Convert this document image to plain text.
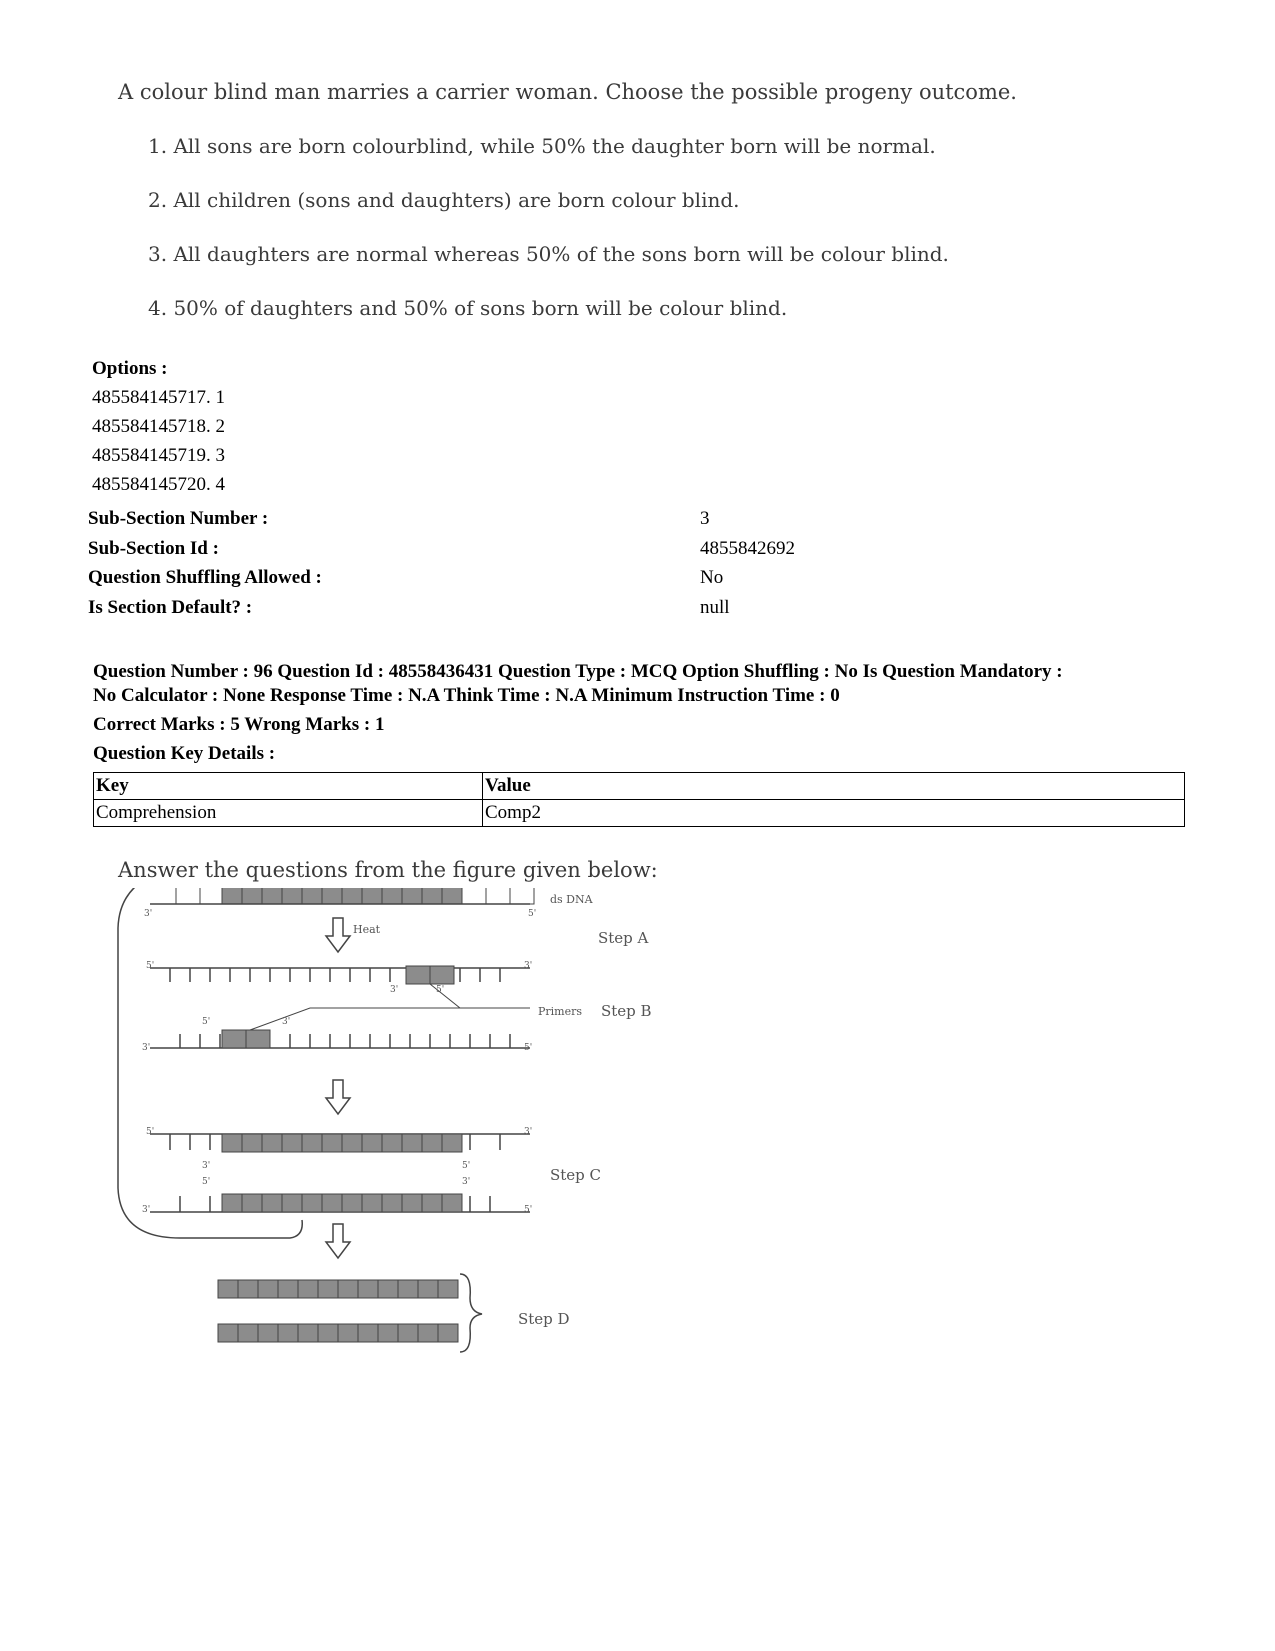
A colour blind man marries a carrier woman. Choose the possible progeny outcome.
1. All sons are born colourblind, while 50% the daughter born will be normal.
2. All children (sons and daughters) are born colour blind.
3. All daughters are normal whereas 50% of the sons born will be colour blind.
4. 50% of daughters and 50% of sons born will be colour blind.
Options :
485584145717. 1
485584145718. 2
485584145719. 3
485584145720. 4
Sub-Section Number :	3
Sub-Section Id :	4855842692
Question Shuffling Allowed :	No
Is Section Default? :	null
Question Number : 96 Question Id : 48558436431 Question Type : MCQ Option Shuffling : No Is Question Mandatory :
No Calculator : None Response Time : N.A Think Time : N.A Minimum Instruction Time : 0
Correct Marks : 5 Wrong Marks : 1
Question Key Details :
Key	Value
Comprehension	Comp2
Answer the questions from the figure given below:
ds DNA
Heat	Step A
Primers Step B
Step C
Step D
3'	5'
5'	3'
3'	5'
5'	3'
3'	5'
5'	3'
3'	5'
5'	3'
3'	5'
